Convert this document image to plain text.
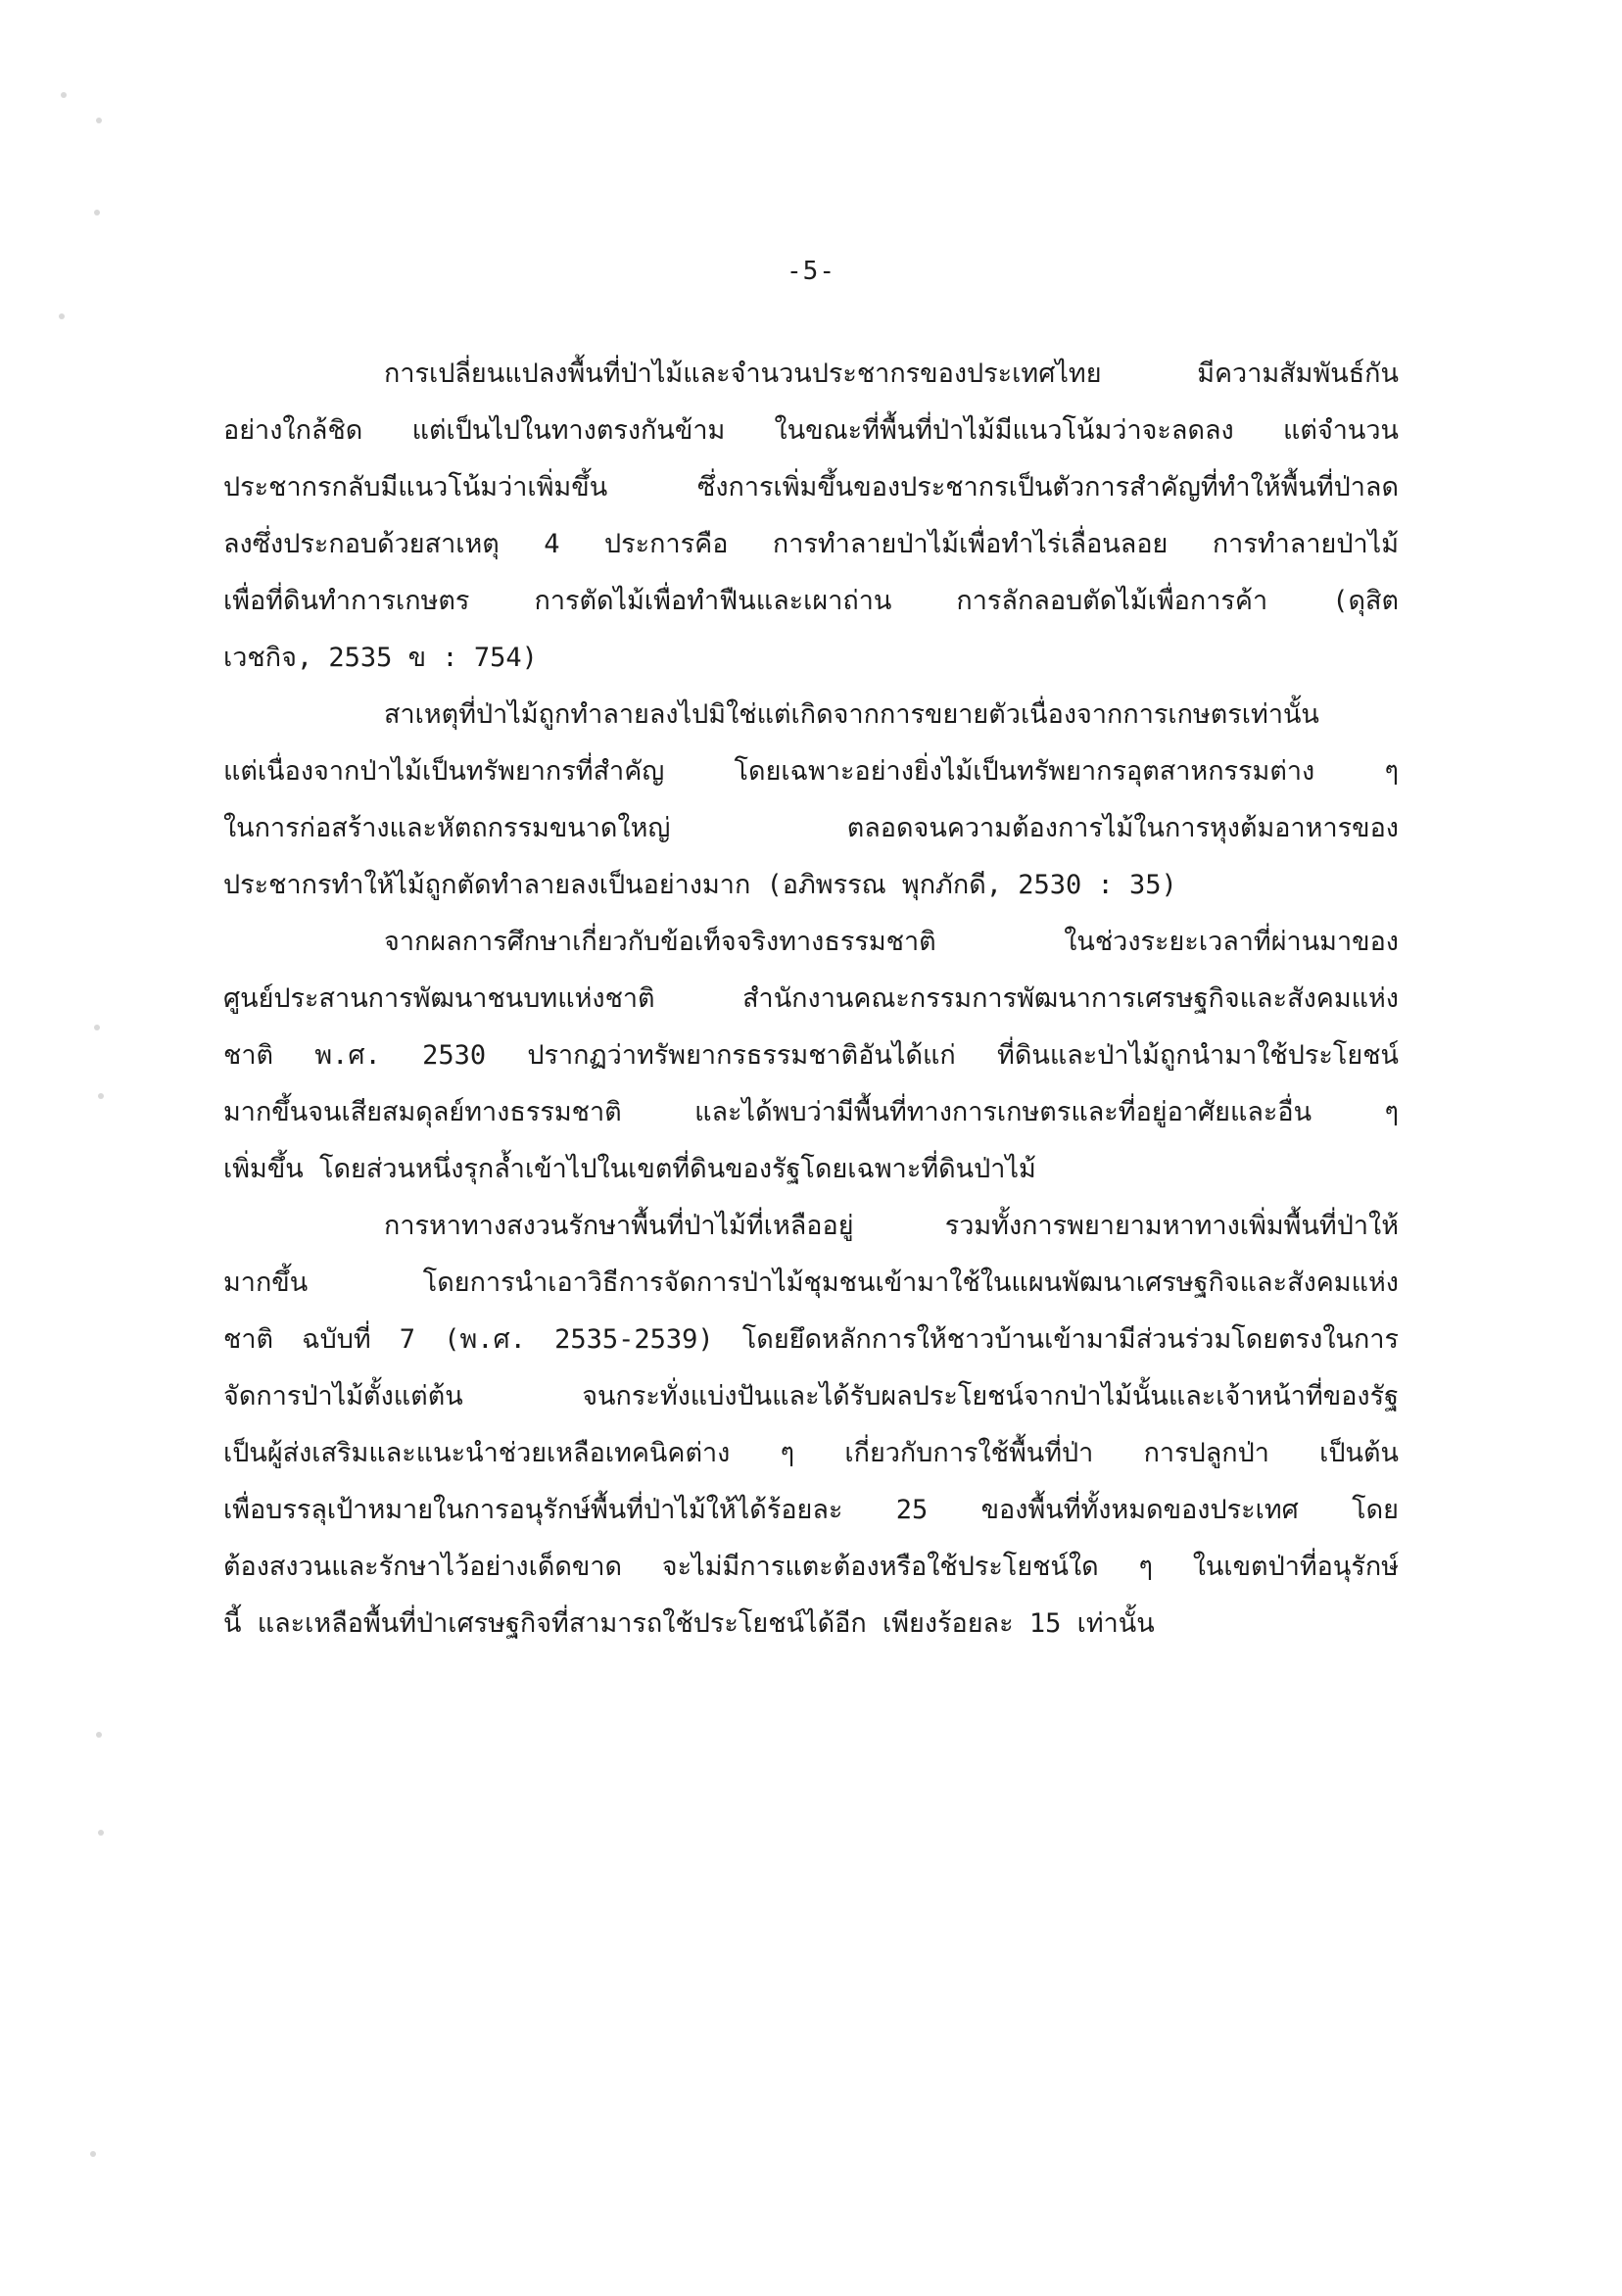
-5-
การเปลี่ยนแปลงพื้นที่ป่าไม้และจำนวนประชากรของประเทศไทย มีความสัมพันธ์กัน
อย่างใกล้ชิด แต่เป็นไปในทางตรงกันข้าม ในขณะที่พื้นที่ป่าไม้มีแนวโน้มว่าจะลดลง แต่จำนวน
ประชากรกลับมีแนวโน้มว่าเพิ่มขึ้น ซึ่งการเพิ่มขึ้นของประชากรเป็นตัวการสำคัญที่ทำให้พื้นที่ป่าลด
ลงซึ่งประกอบด้วยสาเหตุ 4 ประการคือ การทำลายป่าไม้เพื่อทำไร่เลื่อนลอย การทำลายป่าไม้
เพื่อที่ดินทำการเกษตร การตัดไม้เพื่อทำฟืนและเผาถ่าน การลักลอบตัดไม้เพื่อการค้า (ดุสิต
เวชกิจ, 2535 ข : 754)
สาเหตุที่ป่าไม้ถูกทำลายลงไปมิใช่แต่เกิดจากการขยายตัวเนื่องจากการเกษตรเท่านั้น
แต่เนื่องจากป่าไม้เป็นทรัพยากรที่สำคัญ โดยเฉพาะอย่างยิ่งไม้เป็นทรัพยากรอุตสาหกรรมต่าง ๆ
ในการก่อสร้างและหัตถกรรมขนาดใหญ่ ตลอดจนความต้องการไม้ในการหุงต้มอาหารของ
ประชากรทำให้ไม้ถูกตัดทำลายลงเป็นอย่างมาก (อภิพรรณ พุกภักดี, 2530 : 35)
จากผลการศึกษาเกี่ยวกับข้อเท็จจริงทางธรรมชาติ ในช่วงระยะเวลาที่ผ่านมาของ
ศูนย์ประสานการพัฒนาชนบทแห่งชาติ สำนักงานคณะกรรมการพัฒนาการเศรษฐกิจและสังคมแห่ง
ชาติ พ.ศ. 2530 ปรากฏว่าทรัพยากรธรรมชาติอันได้แก่ ที่ดินและป่าไม้ถูกนำมาใช้ประโยชน์
มากขึ้นจนเสียสมดุลย์ทางธรรมชาติ และได้พบว่ามีพื้นที่ทางการเกษตรและที่อยู่อาศัยและอื่น ๆ
เพิ่มขึ้น โดยส่วนหนึ่งรุกล้ำเข้าไปในเขตที่ดินของรัฐโดยเฉพาะที่ดินป่าไม้
การหาทางสงวนรักษาพื้นที่ป่าไม้ที่เหลืออยู่ รวมทั้งการพยายามหาทางเพิ่มพื้นที่ป่าให้
มากขึ้น โดยการนำเอาวิธีการจัดการป่าไม้ชุมชนเข้ามาใช้ในแผนพัฒนาเศรษฐกิจและสังคมแห่ง
ชาติ ฉบับที่ 7 (พ.ศ. 2535-2539) โดยยึดหลักการให้ชาวบ้านเข้ามามีส่วนร่วมโดยตรงในการ
จัดการป่าไม้ตั้งแต่ต้น จนกระทั่งแบ่งปันและได้รับผลประโยชน์จากป่าไม้นั้นและเจ้าหน้าที่ของรัฐ
เป็นผู้ส่งเสริมและแนะนำช่วยเหลือเทคนิคต่าง ๆ เกี่ยวกับการใช้พื้นที่ป่า การปลูกป่า เป็นต้น
เพื่อบรรลุเป้าหมายในการอนุรักษ์พื้นที่ป่าไม้ให้ได้ร้อยละ 25 ของพื้นที่ทั้งหมดของประเทศ โดย
ต้องสงวนและรักษาไว้อย่างเด็ดขาด จะไม่มีการแตะต้องหรือใช้ประโยชน์ใด ๆ ในเขตป่าที่อนุรักษ์
นี้ และเหลือพื้นที่ป่าเศรษฐกิจที่สามารถใช้ประโยชน์ได้อีก เพียงร้อยละ 15 เท่านั้น
